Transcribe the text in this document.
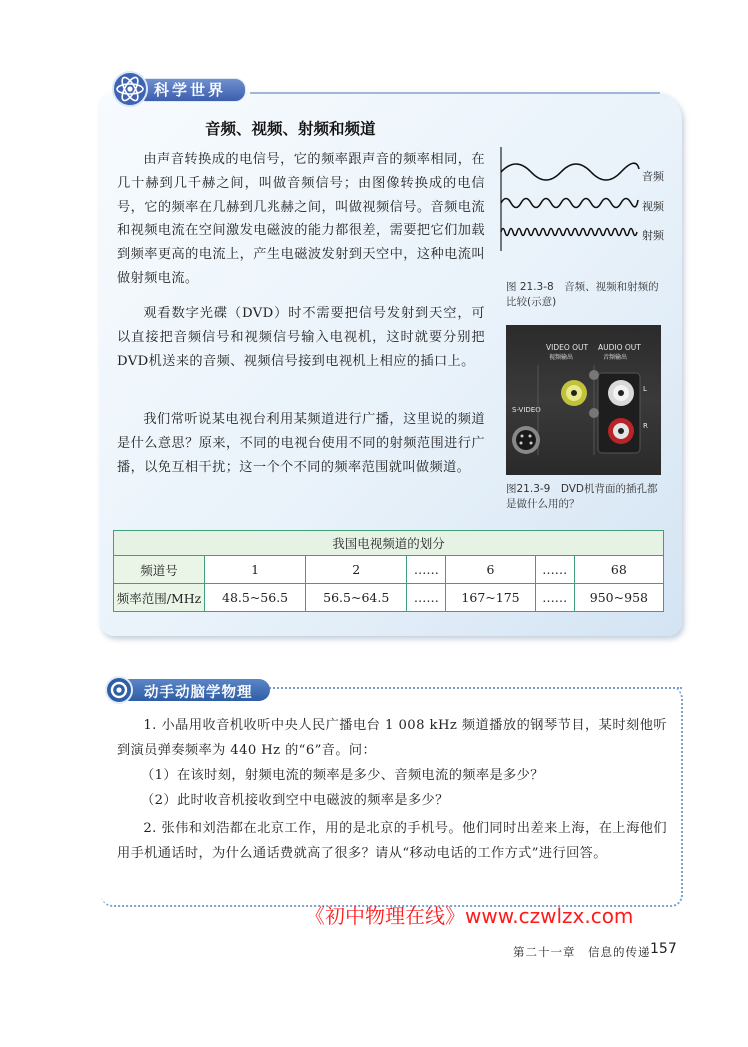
科学世界
音频、视频、射频和频道

由声音转换成的电信号，它的频率跟声音的频率相同，在几十赫到几千赫之间，叫做音频信号；由图像转换成的电信号，它的频率在几赫到几兆赫之间，叫做视频信号。音频电流和视频电流在空间激发电磁波的能力都很差，需要把它们加载到频率更高的电流上，产生电磁波发射到天空中，这种电流叫做射频电流。

观看数字光碟（DVD）时不需要把信号发射到天空，可以直接把音频信号和视频信号输入电视机，这时就要分别把DVD机送来的音频、视频信号接到电视机上相应的插口上。

我们常听说某电视台利用某频道进行广播，这里说的频道是什么意思？原来，不同的电视台使用不同的射频范围进行广播，以免互相干扰；这一个个不同的频率范围就叫做频道。

音频
视频
射频
图 21.3-8　音频、视频和射频的比较(示意)
VIDEO OUT
视频输出
AUDIO OUT
音频输出
S-VIDEO
L
R
图21.3-9　DVD机背面的插孔都是做什么用的？
我国电视频道的划分						
频道号	1	2	……	6	……	68
频率范围/MHz	48.5~56.5	56.5~64.5	……	167~175	……	950~958
动手动脑学物理

1. 小晶用收音机收听中央人民广播电台 1 008 kHz 频道播放的钢琴节目，某时刻他听到演员弹奏频率为 440 Hz 的“6”音。问：

（1）在该时刻，射频电流的频率是多少、音频电流的频率是多少？

（2）此时收音机接收到空中电磁波的频率是多少？

2. 张伟和刘浩都在北京工作，用的是北京的手机号。他们同时出差来上海，在上海他们用手机通话时，为什么通话费就高了很多？请从“移动电话的工作方式”进行回答。

《初中物理在线》www.czwlzx.com
第二十一章　信息的传递 157
